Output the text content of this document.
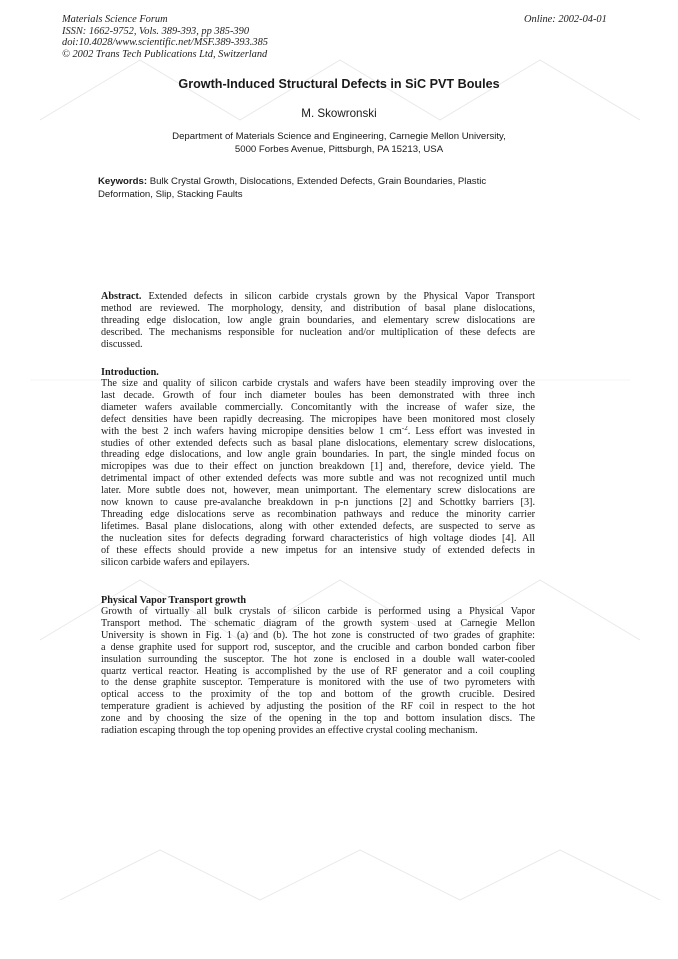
Materials Science Forum
ISSN: 1662-9752, Vols. 389-393, pp 385-390
doi:10.4028/www.scientific.net/MSF.389-393.385
© 2002 Trans Tech Publications Ltd, Switzerland
Online: 2002-04-01
Growth-Induced Structural Defects in SiC PVT Boules
M. Skowronski
Department of Materials Science and Engineering, Carnegie Mellon University,
5000 Forbes Avenue, Pittsburgh, PA 15213, USA
Keywords: Bulk Crystal Growth, Dislocations, Extended Defects, Grain Boundaries, Plastic
Deformation, Slip, Stacking Faults
Abstract. Extended defects in silicon carbide crystals grown by the Physical Vapor Transport
method are reviewed. The morphology, density, and distribution of basal plane dislocations,
threading edge dislocation, low angle grain boundaries, and elementary screw dislocations are
described. The mechanisms responsible for nucleation and/or multiplication of these defects are
discussed.
Introduction.
The size and quality of silicon carbide crystals and wafers have been steadily improving over the
last decade. Growth of four inch diameter boules has been demonstrated with three inch
diameter wafers available commercially. Concomitantly with the increase of wafer size, the
defect densities have been rapidly decreasing. The micropipes have been monitored most closely
with the best 2 inch wafers having micropipe densities below 1 $cm^{-2}$. Less effort was invested in
studies of other extended defects such as basal plane dislocations, elementary screw dislocations,
threading edge dislocations, and low angle grain boundaries. In part, the single minded focus on
micropipes was due to their effect on junction breakdown [1] and, therefore, device yield. The
detrimental impact of other extended defects was more subtle and was not recognized until much
later. More subtle does not, however, mean unimportant. The elementary screw dislocations are
now known to cause pre-avalanche breakdown in p-n junctions [2] and Schottky barriers [3].
Threading edge dislocations serve as recombination pathways and reduce the minority carrier
lifetimes. Basal plane dislocations, along with other extended defects, are suspected to serve as
the nucleation sites for defects degrading forward characteristics of high voltage diodes [4]. All
of these effects should provide a new impetus for an intensive study of extended defects in
silicon carbide wafers and epilayers.
Physical Vapor Transport growth
Growth of virtually all bulk crystals of silicon carbide is performed using a Physical Vapor
Transport method. The schematic diagram of the growth system used at Carnegie Mellon
University is shown in Fig. 1 (a) and (b). The hot zone is constructed of two grades of graphite:
a dense graphite used for support rod, susceptor, and the crucible and carbon bonded carbon fiber
insulation surrounding the susceptor. The hot zone is enclosed in a double wall water-cooled
quartz vertical reactor. Heating is accomplished by the use of RF generator and a coil coupling
to the dense graphite susceptor. Temperature is monitored with the use of two pyrometers with
optical access to the proximity of the top and bottom of the growth crucible. Desired
temperature gradient is achieved by adjusting the position of the RF coil in respect to the hot
zone and by choosing the size of the opening in the top and bottom insulation discs. The
radiation escaping through the top opening provides an effective crystal cooling mechanism.
